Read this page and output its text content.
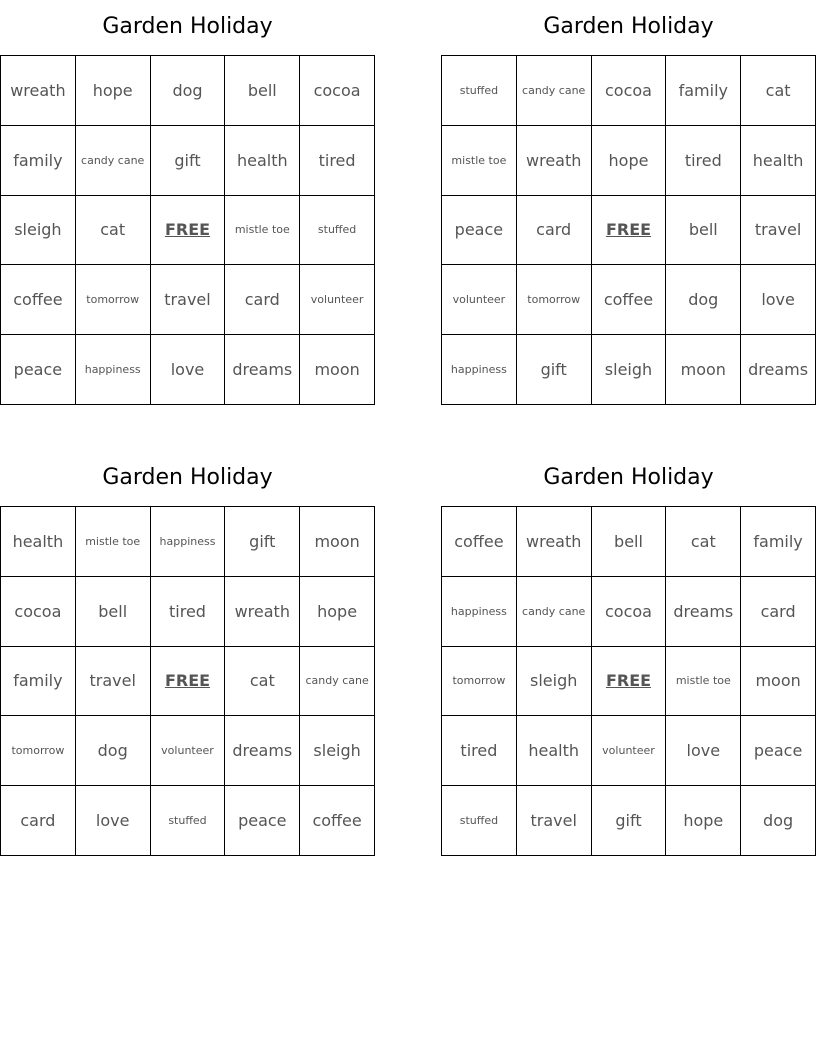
Garden Holiday
wreath	hope	dog	bell	cocoa
family	candy cane	gift	health	tired
sleigh	cat	FREE	mistle toe	stuffed
coffee	tomorrow	travel	card	volunteer
peace	happiness	love	dreams	moon
Garden Holiday
stuffed	candy cane	cocoa	family	cat
mistle toe	wreath	hope	tired	health
peace	card	FREE	bell	travel
volunteer	tomorrow	coffee	dog	love
happiness	gift	sleigh	moon	dreams
Garden Holiday
health	mistle toe	happiness	gift	moon
cocoa	bell	tired	wreath	hope
family	travel	FREE	cat	candy cane
tomorrow	dog	volunteer	dreams	sleigh
card	love	stuffed	peace	coffee
Garden Holiday
coffee	wreath	bell	cat	family
happiness	candy cane	cocoa	dreams	card
tomorrow	sleigh	FREE	mistle toe	moon
tired	health	volunteer	love	peace
stuffed	travel	gift	hope	dog
